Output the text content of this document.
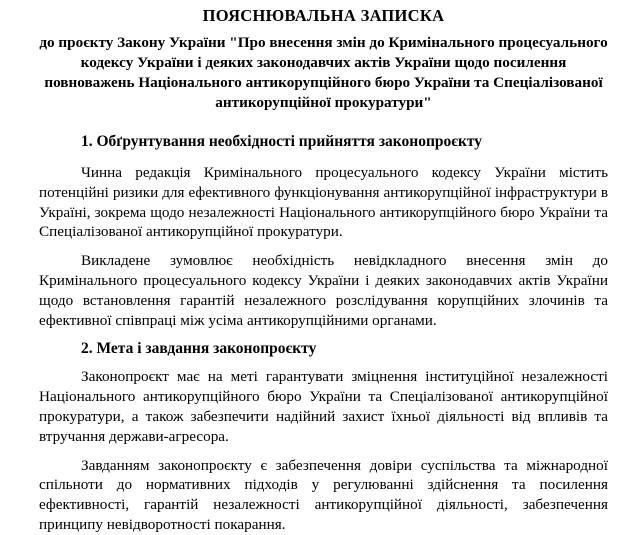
ПОЯСНЮВАЛЬНА ЗАПИСКА
до проєкту Закону України "Про внесення змін до Кримінального процесуального кодексу України і деяких законодавчих актів України щодо посилення повноважень Національного антикорупційного бюро України та Спеціалізованої антикорупційної прокуратури"
1. Обґрунтування необхідності прийняття законопроєкту

Чинна редакція Кримінального процесуального кодексу України містить потенційні ризики для ефективного функціонування антикорупційної інфраструктури в Україні, зокрема щодо незалежності Національного антикорупційного бюро України та Спеціалізованої антикорупційної прокуратури.

Викладене зумовлює необхідність невідкладного внесення змін до Кримінального процесуального кодексу України і деяких законодавчих актів України щодо встановлення гарантій незалежного розслідування корупційних злочинів та ефективної співпраці між усіма антикорупційними органами.

2. Мета і завдання законопроєкту

Законопроєкт має на меті гарантувати зміцнення інституційної незалежності Національного антикорупційного бюро України та Спеціалізованої антикорупційної прокуратури, а також забезпечити надійний захист їхньої діяльності від впливів та втручання держави-агресора.

Завданням законопроєкту є забезпечення довіри суспільства та міжнародної спільноти до нормативних підходів у регулюванні здійснення та посилення ефективності, гарантій незалежності антикорупційної діяльності, забезпечення принципу невідворотності покарання.
